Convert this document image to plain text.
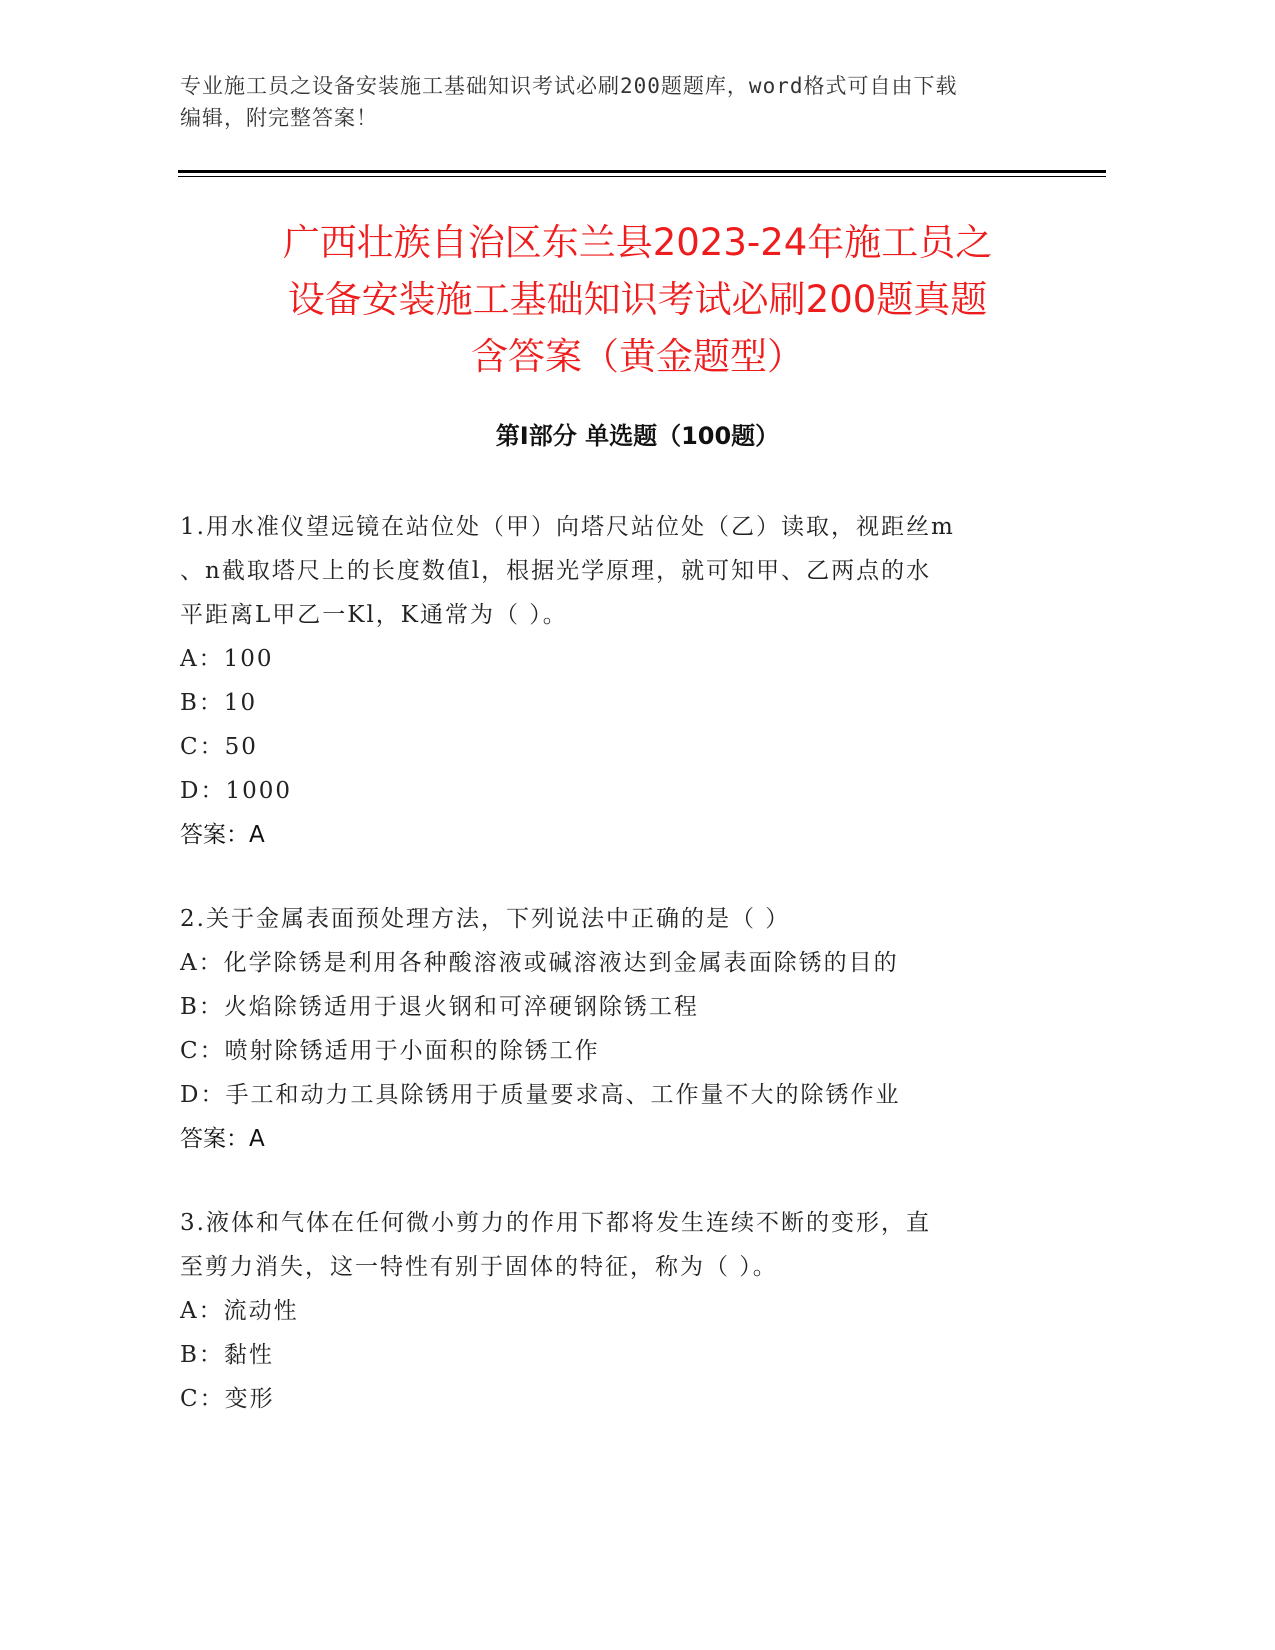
专业施工员之设备安装施工基础知识考试必刷200题题库，word格式可自由下载
编辑，附完整答案！
广西壮族自治区东兰县2023-24年施工员之
设备安装施工基础知识考试必刷200题真题
含答案（黄金题型）
第Ⅰ部分 单选题（100题）
1.用水准仪望远镜在站位处（甲）向塔尺站位处（乙）读取，视距丝m
、n截取塔尺上的长度数值l，根据光学原理，就可知甲、乙两点的水
平距离L甲乙一Kl，K通常为（ ）。
A：100
B：10
C：50
D：1000
答案：A
2.关于金属表面预处理方法，下列说法中正确的是（ ）
A：化学除锈是利用各种酸溶液或碱溶液达到金属表面除锈的目的
B：火焰除锈适用于退火钢和可淬硬钢除锈工程
C：喷射除锈适用于小面积的除锈工作
D：手工和动力工具除锈用于质量要求高、工作量不大的除锈作业
答案：A
3.液体和气体在任何微小剪力的作用下都将发生连续不断的变形，直
至剪力消失，这一特性有别于固体的特征，称为（ ）。
A：流动性
B：黏性
C：变形
